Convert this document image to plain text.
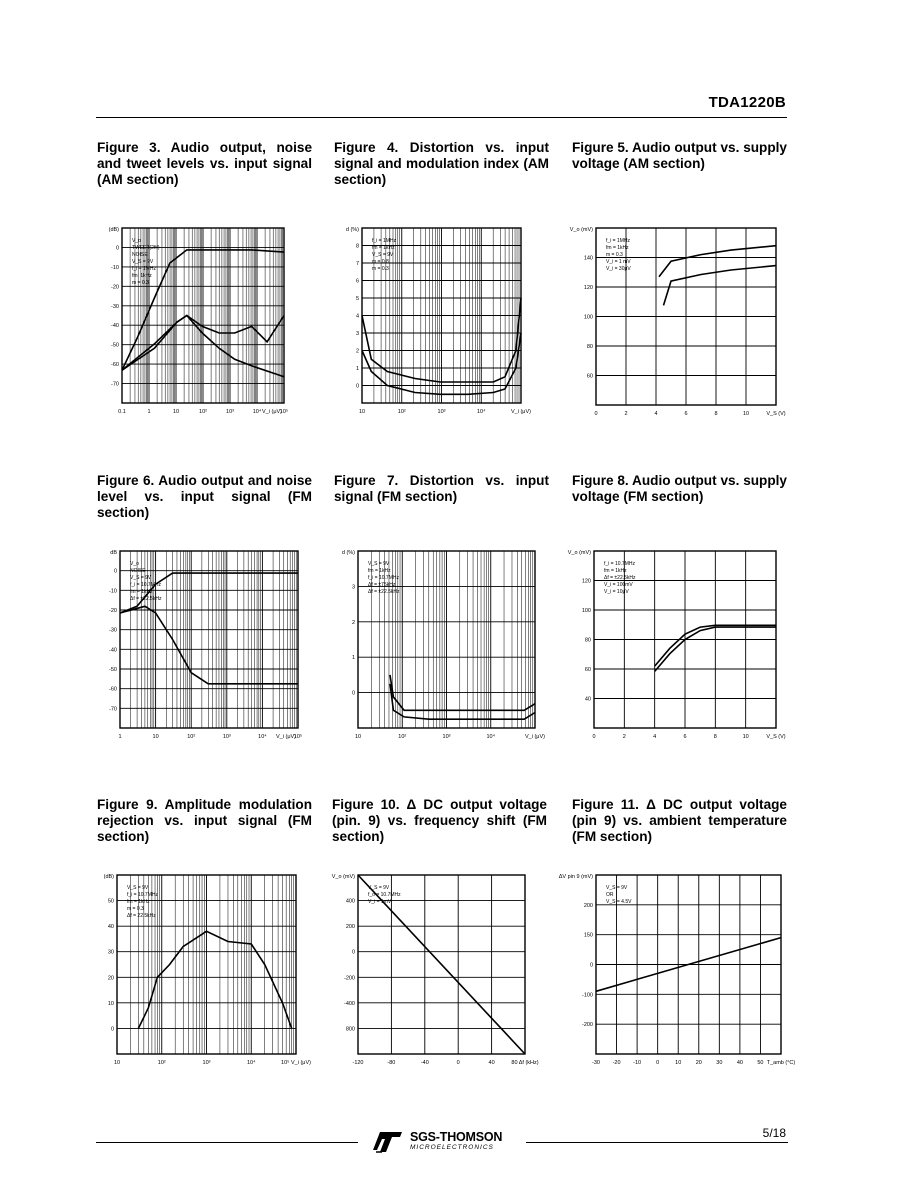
TDA1220B
Figure 3. Audio output, noise and tweet levels vs. input signal (AM section)
Figure 4. Distortion vs. input signal and modulation index (AM section)
Figure 5. Audio output vs. supply voltage (AM section)
Figure 6. Audio output and noise level vs. input signal (FM section)
Figure 7. Distortion vs. input signal (FM section)
Figure 8. Audio output vs. supply voltage (FM section)
Figure 9. Amplitude modulation rejection vs. input signal (FM section)
Figure 10. Δ DC output voltage (pin. 9) vs. frequency shift (FM section)
Figure 11. Δ DC output voltage (pin 9) vs. ambient temperature (FM section)
(dB)
0
-10
-20
-30
-40
-50
-60
-70
0.1	1	10	10²	10³	10⁴	10⁵
V_i (μV)
V_o
TWEET(2fif)
NOISE
V_S = 9V
f_i = 1MHz
fm: 1kHz
m = 0.3
d (%)
8
7
6
5
4
3
2
1
0
10	10²	10³	10⁴	V_i (μV)
f_i = 1MHz
fm = 1kHz
V_S = 9V
m = 0.8
m = 0.3
V_o (mV)
140
120
100
80
60
0	2	4	6	8	10	V_S (V)
f_i = 1MHz
fm = 1kHz
m = 0.3
V_i = 1 mV
V_i = 30μV
dB
0
-10
-20
-30
-40
-50
-60
-70
1	10	10²	10³	10⁴	10⁵
V_i (μV)
V_o
NOISE
V_S = 9V
f_i = 10.7MHz
fm = 1kHz
Δf = ±22.5kHz
d (%)
3
2
1
0
10	10²	10³	10⁴	V_i (μV)
V_S = 9V
fm = 1kHz
f_i = 10.7MHz
Δf = ±75kHz
Δf = ±22.5kHz
V_o (mV)
120
100
80
60
40
0	2	4	6	8	10	V_S (V)
f_i = 10.7MHz
fm = 1kHz
Δf = ±22.5kHz
V_i = 100mV
V_i = 10μV
(dB)
50
40
30
20
10
0
10	10²	10³	10⁴	10⁵ V_i (μV)
V_S = 9V
f_i = 10.7MHz
fm = 1kHz
m = 0.3
Δf = 22.5kHz
V_o (mV)
400
200
0
-200
-400
800
-120	-80	-40	0	40	80 Δf (kHz)
V_S = 9V
f_o = 10.7MHz
V_i = 1mV
ΔV pin 9 (mV)
200
150
0
-100
-200
-30 -20 -10	0	10	20	30	40	50 T_amb (°C)
V_S = 9V
OR
V_S = 4.5V
SGS-THOMSON
MICROELECTRONICS
5/18
